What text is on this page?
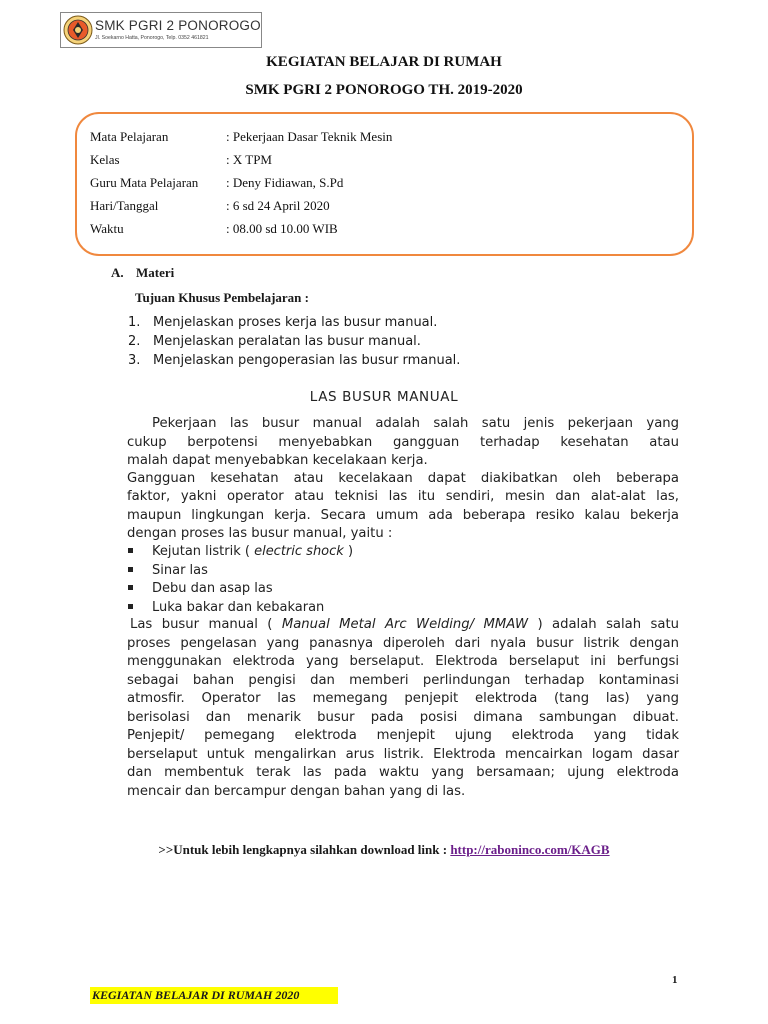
SMK PGRI 2 PONOROGO
Jl. Soekarno Hatta, Ponorogo, Telp. 0352 461821
KEGIATAN BELAJAR DI RUMAH
SMK PGRI 2 PONOROGO TH. 2019-2020
Mata Pelajaran	: Pekerjaan Dasar Teknik Mesin
Kelas	: X TPM
Guru Mata Pelajaran : Deny Fidiawan, S.Pd
Hari/Tanggal	: 6 sd 24 April 2020
Waktu	: 08.00 sd 10.00 WIB
A. Materi
Tujuan Khusus Pembelajaran :
1. Menjelaskan proses kerja las busur manual.
2. Menjelaskan peralatan las busur manual.
3. Menjelaskan pengoperasian las busur rmanual.
LAS BUSUR MANUAL
Pekerjaan las busur manual adalah salah satu jenis pekerjaan yang
cukup berpotensi menyebabkan gangguan terhadap kesehatan atau
malah dapat menyebabkan kecelakaan kerja.
Gangguan kesehatan atau kecelakaan dapat diakibatkan oleh beberapa
faktor, yakni operator atau teknisi las itu sendiri, mesin dan alat-alat las,
maupun lingkungan kerja. Secara umum ada beberapa resiko kalau bekerja
dengan proses las busur manual, yaitu :
Kejutan listrik ( electric shock )
Sinar las
Debu dan asap las
Luka bakar dan kebakaran
Las busur manual ( Manual Metal Arc Welding/ MMAW ) adalah salah satu
proses pengelasan yang panasnya diperoleh dari nyala busur listrik dengan
menggunakan elektroda yang berselaput. Elektroda berselaput ini berfungsi
sebagai bahan pengisi dan memberi perlindungan terhadap kontaminasi
atmosfir. Operator las memegang penjepit elektroda (tang las) yang
berisolasi dan menarik busur pada posisi dimana sambungan dibuat.
Penjepit/ pemegang elektroda menjepit ujung elektroda yang tidak
berselaput untuk mengalirkan arus listrik. Elektroda mencairkan logam dasar
dan membentuk terak las pada waktu yang bersamaan; ujung elektroda
mencair dan bercampur dengan bahan yang di las.
>>Untuk lebih lengkapnya silahkan download link : http://raboninco.com/KAGB
1
KEGIATAN BELAJAR DI RUMAH 2020
